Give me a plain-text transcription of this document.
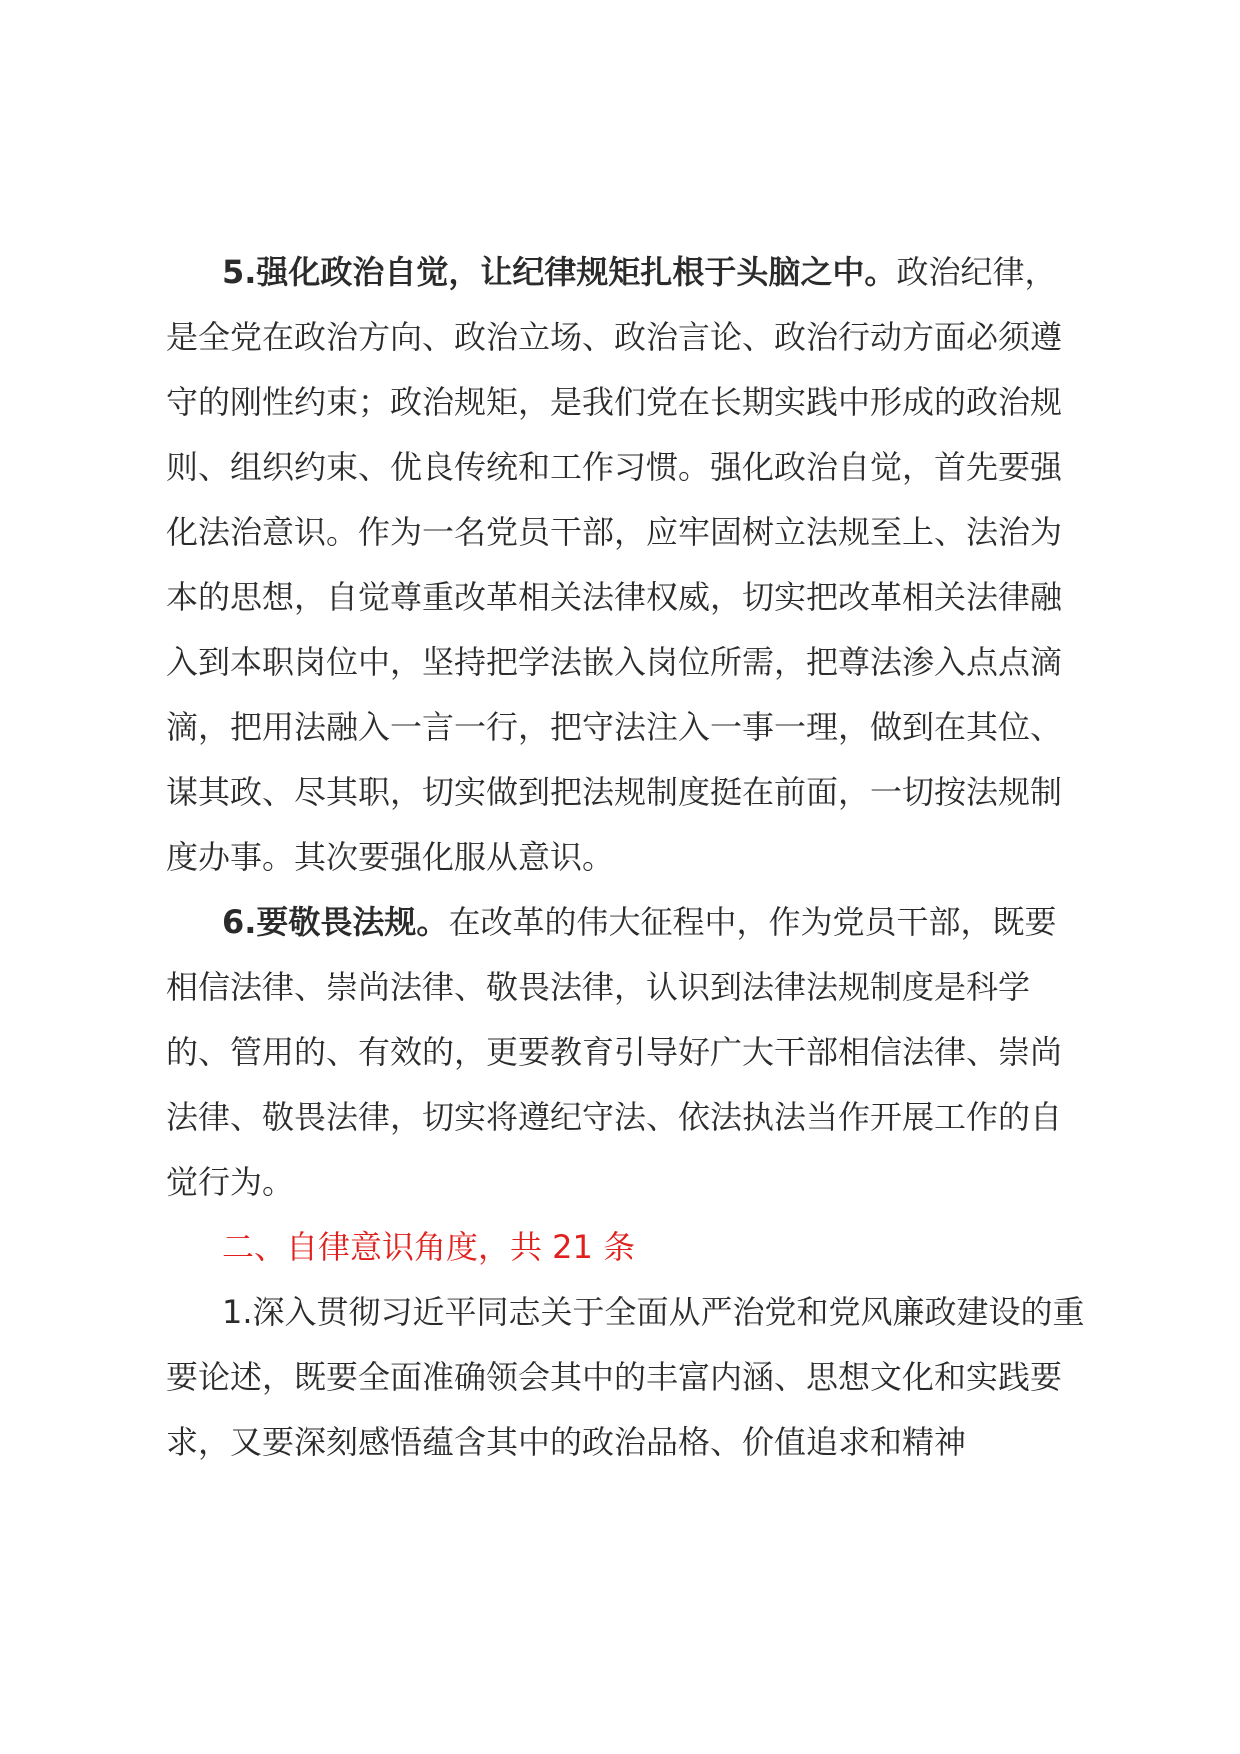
5.强化政治自觉，让纪律规矩扎根于头脑之中。政治纪律，是全党在政治方向、政治立场、政治言论、政治行动方面必须遵守的刚性约束；政治规矩，是我们党在长期实践中形成的政治规则、组织约束、优良传统和工作习惯。强化政治自觉，首先要强化法治意识。作为一名党员干部，应牢固树立法规至上、法治为本的思想，自觉尊重改革相关法律权威，切实把改革相关法律融入到本职岗位中，坚持把学法嵌入岗位所需，把尊法渗入点点滴滴，把用法融入一言一行，把守法注入一事一理，做到在其位、谋其政、尽其职，切实做到把法规制度挺在前面，一切按法规制度办事。其次要强化服从意识。

6.要敬畏法规。在改革的伟大征程中，作为党员干部，既要相信法律、崇尚法律、敬畏法律，认识到法律法规制度是科学的、管用的、有效的，更要教育引导好广大干部相信法律、崇尚法律、敬畏法律，切实将遵纪守法、依法执法当作开展工作的自觉行为。

二、自律意识角度，共 21 条

1.深入贯彻习近平同志关于全面从严治党和党风廉政建设的重要论述，既要全面准确领会其中的丰富内涵、思想文化和实践要求，又要深刻感悟蕴含其中的政治品格、价值追求和精神
